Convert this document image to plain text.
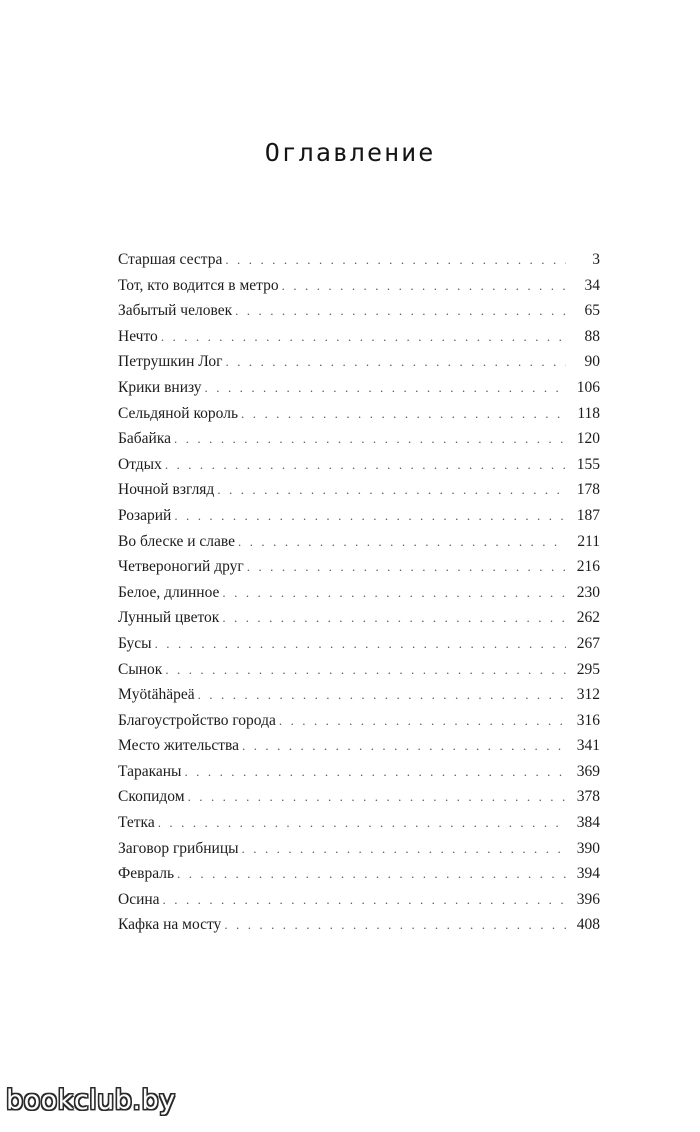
Оглавление
Старшая сестра . . .	3
Тот, кто водится в метро . . .	34
Забытый человек . . .	65
Нечто . . .	88
Петрушкин Лог . . .	90
Крики внизу . . .	106
Сельдяной король . . .	118
Бабайка . . .	120
Отдых . . .	155
Ночной взгляд . . .	178
Розарий . . .	187
Во блеске и славе . . .	211
Четвероногий друг . . .	216
Белое, длинное . . .	230
Лунный цветок . . .	262
Бусы . . .	267
Сынок . . .	295
Myötähäpeä . . .	312
Благоустройство города . . .	316
Место жительства . . .	341
Тараканы . . .	369
Скопидом . . .	378
Тетка . . .	384
Заговор грибницы . . .	390
Февраль . . .	394
Осина . . .	396
Кафка на мосту . . .	408
bookclub.by
